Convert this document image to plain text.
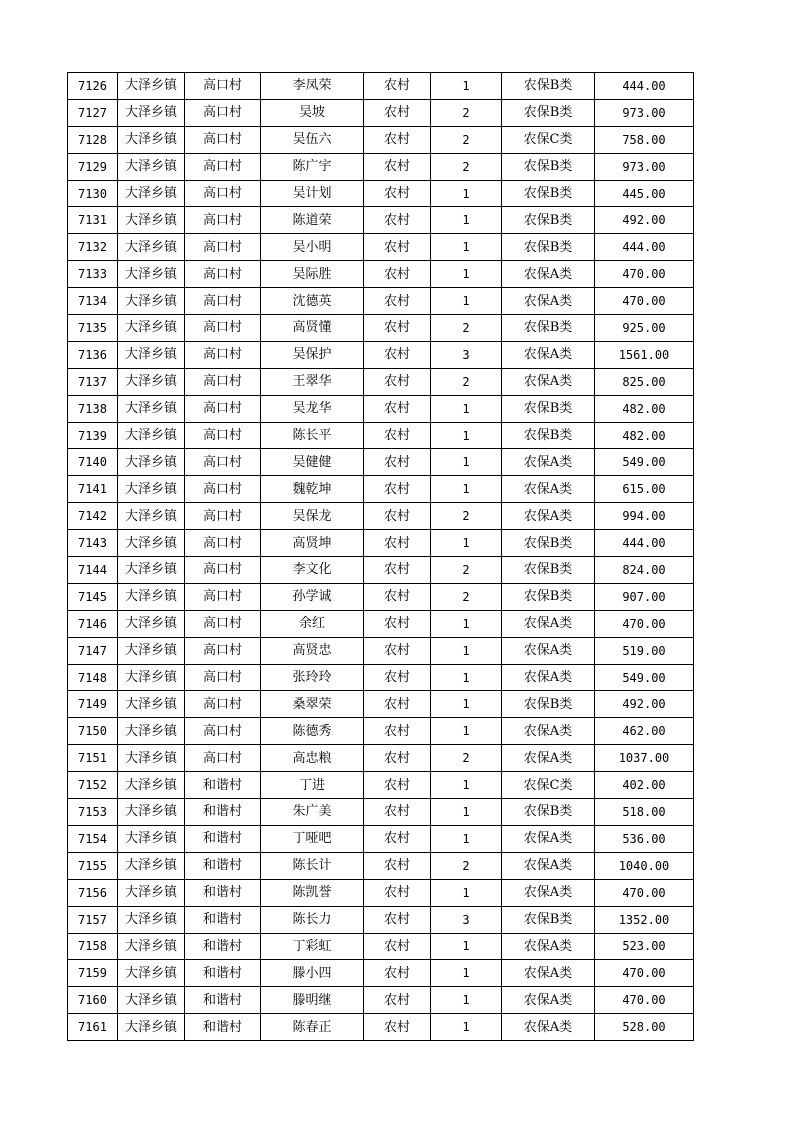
7126	大泽乡镇	高口村	李凤荣	农村	1	农保B类	444.00
7127	大泽乡镇	高口村	吴坡	农村	2	农保B类	973.00
7128	大泽乡镇	高口村	吴伍六	农村	2	农保C类	758.00
7129	大泽乡镇	高口村	陈广宇	农村	2	农保B类	973.00
7130	大泽乡镇	高口村	吴计划	农村	1	农保B类	445.00
7131	大泽乡镇	高口村	陈道荣	农村	1	农保B类	492.00
7132	大泽乡镇	高口村	吴小明	农村	1	农保B类	444.00
7133	大泽乡镇	高口村	吴际胜	农村	1	农保A类	470.00
7134	大泽乡镇	高口村	沈德英	农村	1	农保A类	470.00
7135	大泽乡镇	高口村	高贤懂	农村	2	农保B类	925.00
7136	大泽乡镇	高口村	吴保护	农村	3	农保A类	1561.00
7137	大泽乡镇	高口村	王翠华	农村	2	农保A类	825.00
7138	大泽乡镇	高口村	吴龙华	农村	1	农保B类	482.00
7139	大泽乡镇	高口村	陈长平	农村	1	农保B类	482.00
7140	大泽乡镇	高口村	吴健健	农村	1	农保A类	549.00
7141	大泽乡镇	高口村	魏乾坤	农村	1	农保A类	615.00
7142	大泽乡镇	高口村	吴保龙	农村	2	农保A类	994.00
7143	大泽乡镇	高口村	高贤坤	农村	1	农保B类	444.00
7144	大泽乡镇	高口村	李文化	农村	2	农保B类	824.00
7145	大泽乡镇	高口村	孙学诚	农村	2	农保B类	907.00
7146	大泽乡镇	高口村	余红	农村	1	农保A类	470.00
7147	大泽乡镇	高口村	高贤忠	农村	1	农保A类	519.00
7148	大泽乡镇	高口村	张玲玲	农村	1	农保A类	549.00
7149	大泽乡镇	高口村	桑翠荣	农村	1	农保B类	492.00
7150	大泽乡镇	高口村	陈德秀	农村	1	农保A类	462.00
7151	大泽乡镇	高口村	高忠粮	农村	2	农保A类	1037.00
7152	大泽乡镇	和谐村	丁进	农村	1	农保C类	402.00
7153	大泽乡镇	和谐村	朱广美	农村	1	农保B类	518.00
7154	大泽乡镇	和谐村	丁哑吧	农村	1	农保A类	536.00
7155	大泽乡镇	和谐村	陈长计	农村	2	农保A类	1040.00
7156	大泽乡镇	和谐村	陈凯誉	农村	1	农保A类	470.00
7157	大泽乡镇	和谐村	陈长力	农村	3	农保B类	1352.00
7158	大泽乡镇	和谐村	丁彩虹	农村	1	农保A类	523.00
7159	大泽乡镇	和谐村	滕小四	农村	1	农保A类	470.00
7160	大泽乡镇	和谐村	滕明继	农村	1	农保A类	470.00
7161	大泽乡镇	和谐村	陈春正	农村	1	农保A类	528.00
